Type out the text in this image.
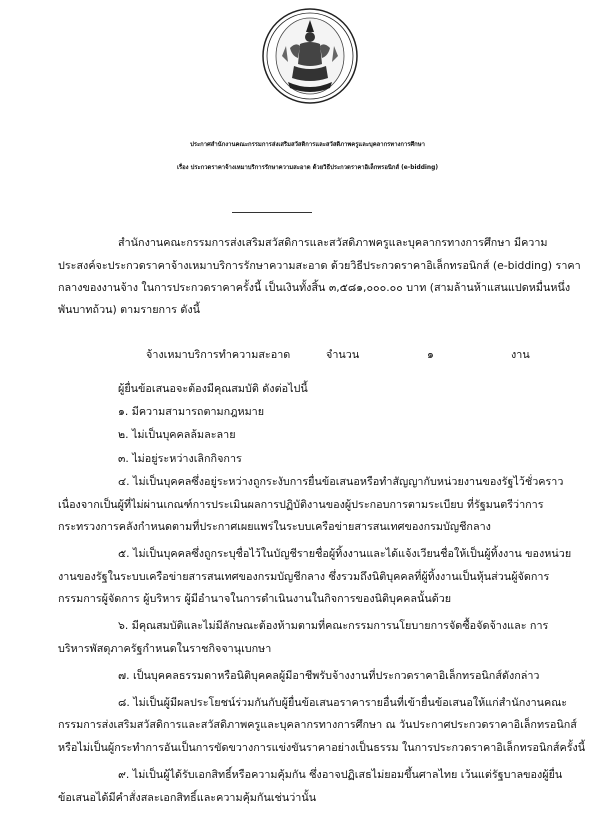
ประกาศสำนักงานคณะกรรมการส่งเสริมสวัสดิการและสวัสดิภาพครูและบุคลากรทางการศึกษา
เรื่อง ประกวดราคาจ้างเหมาบริการรักษาความสะอาด ด้วยวิธีประกวดราคาอิเล็กทรอนิกส์ (e-bidding)
สำนักงานคณะกรรมการส่งเสริมสวัสดิการและสวัสดิภาพครูและบุคลากรทางการศึกษา มีความ
ประสงค์จะประกวดราคาจ้างเหมาบริการรักษาความสะอาด ด้วยวิธีประกวดราคาอิเล็กทรอนิกส์ (e-bidding) ราคา
กลางของงานจ้าง ในการประกวดราคาครั้งนี้ เป็นเงินทั้งสิ้น ๓,๕๘๑,๐๐๐.๐๐ บาท (สามล้านห้าแสนแปดหมื่นหนึ่ง
พันบาทถ้วน) ตามรายการ ดังนี้
จ้างเหมาบริการทำความสะอาด	จำนวน	๑	งาน
ผู้ยื่นข้อเสนอจะต้องมีคุณสมบัติ ดังต่อไปนี้
๑. มีความสามารถตามกฎหมาย
๒. ไม่เป็นบุคคลล้มละลาย
๓. ไม่อยู่ระหว่างเลิกกิจการ
๔. ไม่เป็นบุคคลซึ่งอยู่ระหว่างถูกระงับการยื่นข้อเสนอหรือทำสัญญากับหน่วยงานของรัฐไว้ชั่วคราว
เนื่องจากเป็นผู้ที่ไม่ผ่านเกณฑ์การประเมินผลการปฏิบัติงานของผู้ประกอบการตามระเบียบ ที่รัฐมนตรีว่าการ
กระทรวงการคลังกำหนดตามที่ประกาศเผยแพร่ในระบบเครือข่ายสารสนเทศของกรมบัญชีกลาง
๕. ไม่เป็นบุคคลซึ่งถูกระบุชื่อไว้ในบัญชีรายชื่อผู้ทิ้งงานและได้แจ้งเวียนชื่อให้เป็นผู้ทิ้งงาน ของหน่วย
งานของรัฐในระบบเครือข่ายสารสนเทศของกรมบัญชีกลาง ซึ่งรวมถึงนิติบุคคลที่ผู้ทิ้งงานเป็นหุ้นส่วนผู้จัดการ
กรรมการผู้จัดการ ผู้บริหาร ผู้มีอำนาจในการดำเนินงานในกิจการของนิติบุคคลนั้นด้วย
๖. มีคุณสมบัติและไม่มีลักษณะต้องห้ามตามที่คณะกรรมการนโยบายการจัดซื้อจัดจ้างและ การ
บริหารพัสดุภาครัฐกำหนดในราชกิจจานุเบกษา
๗. เป็นบุคคลธรรมดาหรือนิติบุคคลผู้มีอาชีพรับจ้างงานที่ประกวดราคาอิเล็กทรอนิกส์ดังกล่าว
๘. ไม่เป็นผู้มีผลประโยชน์ร่วมกันกับผู้ยื่นข้อเสนอราคารายอื่นที่เข้ายื่นข้อเสนอให้แก่สำนักงานคณะ
กรรมการส่งเสริมสวัสดิการและสวัสดิภาพครูและบุคลากรทางการศึกษา ณ วันประกาศประกวดราคาอิเล็กทรอนิกส์
หรือไม่เป็นผู้กระทำการอันเป็นการขัดขวางการแข่งขันราคาอย่างเป็นธรรม ในการประกวดราคาอิเล็กทรอนิกส์ครั้งนี้
๙. ไม่เป็นผู้ได้รับเอกสิทธิ์หรือความคุ้มกัน ซึ่งอาจปฏิเสธไม่ยอมขึ้นศาลไทย เว้นแต่รัฐบาลของผู้ยื่น
ข้อเสนอได้มีคำสั่งสละเอกสิทธิ์และความคุ้มกันเช่นว่านั้น
